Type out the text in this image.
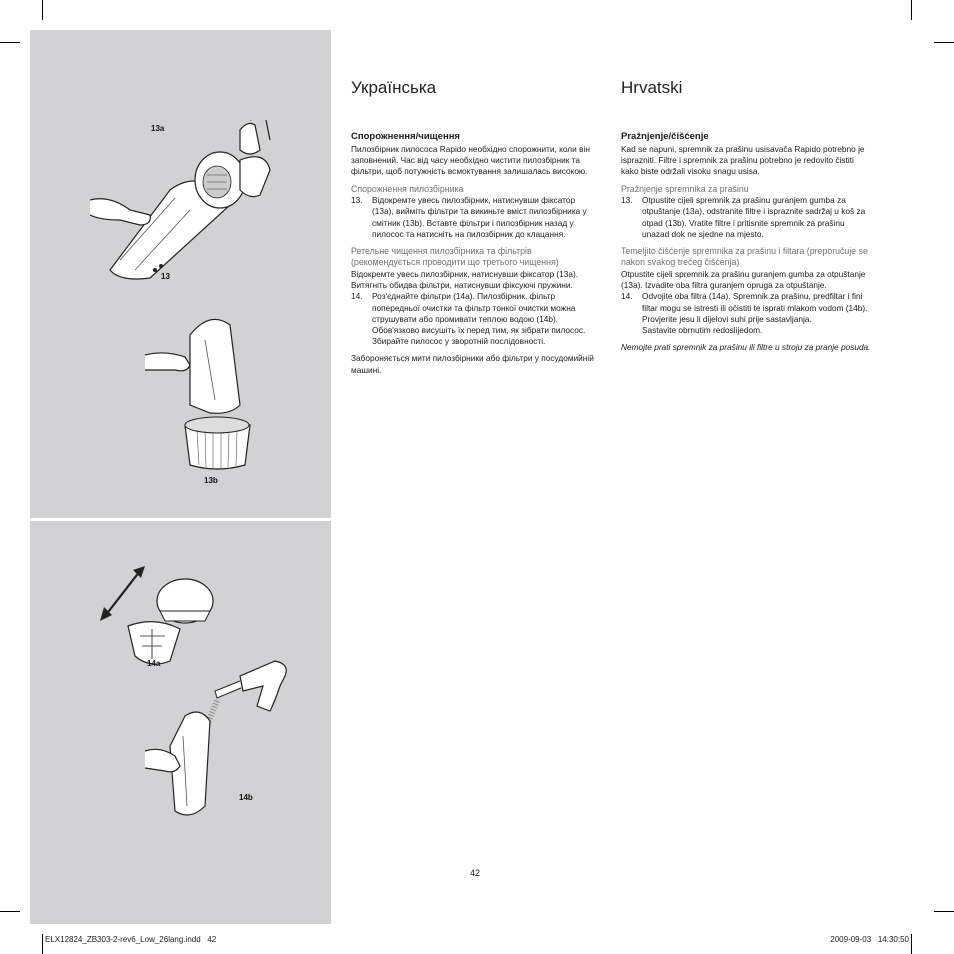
13a
13
13b
14a
14b
Українська
Спорожнення/чищення

Пилозбірник пилососа Rapido необхідно спорожнити, коли він заповнений. Час від часу необхідно чистити пилозбірник та фільтри, щоб потужність всмоктування залишалась високою.

Спорожнення пилозбірника
13. Відокремте увесь пилозбірник, натиснувши фіксатор (13a), вийміть фільтри та викиньте вміст пилозбірника у смітник (13b). Вставте фільтри і пилозбірник назад у пилосос та натисніть на пилозбірник до клацання.
Ретельне чищення пилозбірника та фільтрів (рекомендується проводити що третього чищення)

Відокремте увесь пилозбірник, натиснувши фіксатор (13a). Витягніть обидва фільтри, натиснувши фіксуючі пружини.

14. Роз'єднайте фільтри (14a). Пилозбірник, фільтр попередньої очистки та фільтр тонкої очистки можна струшувати або промивати теплою водою (14b). Обов'язково висушіть їх перед тим, як зібрати пилосос.
Збирайте пилосос у зворотній послідовності.

Забороняється мити пилозбірники або фільтри у посудомийній машині.

Hrvatski
Pražnjenje/čišćenje

Kad se napuni, spremnik za prašinu usisavača Rapido potrebno je isprazniti. Filtre i spremnik za prašinu potrebno je redovito čistiti kako biste održali visoku snagu usisa.

Pražnjenje spremnika za prašinu
13. Otpustite cijeli spremnik za prašinu guranjem gumba za otpuštanje (13a), odstranite filtre i ispraznite sadržaj u koš za otpad (13b). Vratite filtre i pritisnite spremnik za prašinu unazad dok ne sjedne na mjesto.
Temeljito čišćenje spremnika za prašinu i filtara (preporučuje se nakon svakog trećeg čišćenja)

Otpustite cijeli spremnik za prašinu guranjem gumba za otpuštanje (13a). Izvadite oba filtra guranjem opruga za otpuštanje.

14. Odvojite oba filtra (14a). Spremnik za prašinu, predfiltar i fini filtar mogu se istresti ili očistiti te isprati mlakom vodom (14b). Provjerite jesu li dijelovi suhi prije sastavljanja.
Sastavite obrnutim redoslijedom.

Nemojte prati spremnik za prašinu ili filtre u stroju za pranje posuda.

42
ELX12824_ZB303-2-rev6_Low_26lang.indd   42	2009-09-03   14:30:50
